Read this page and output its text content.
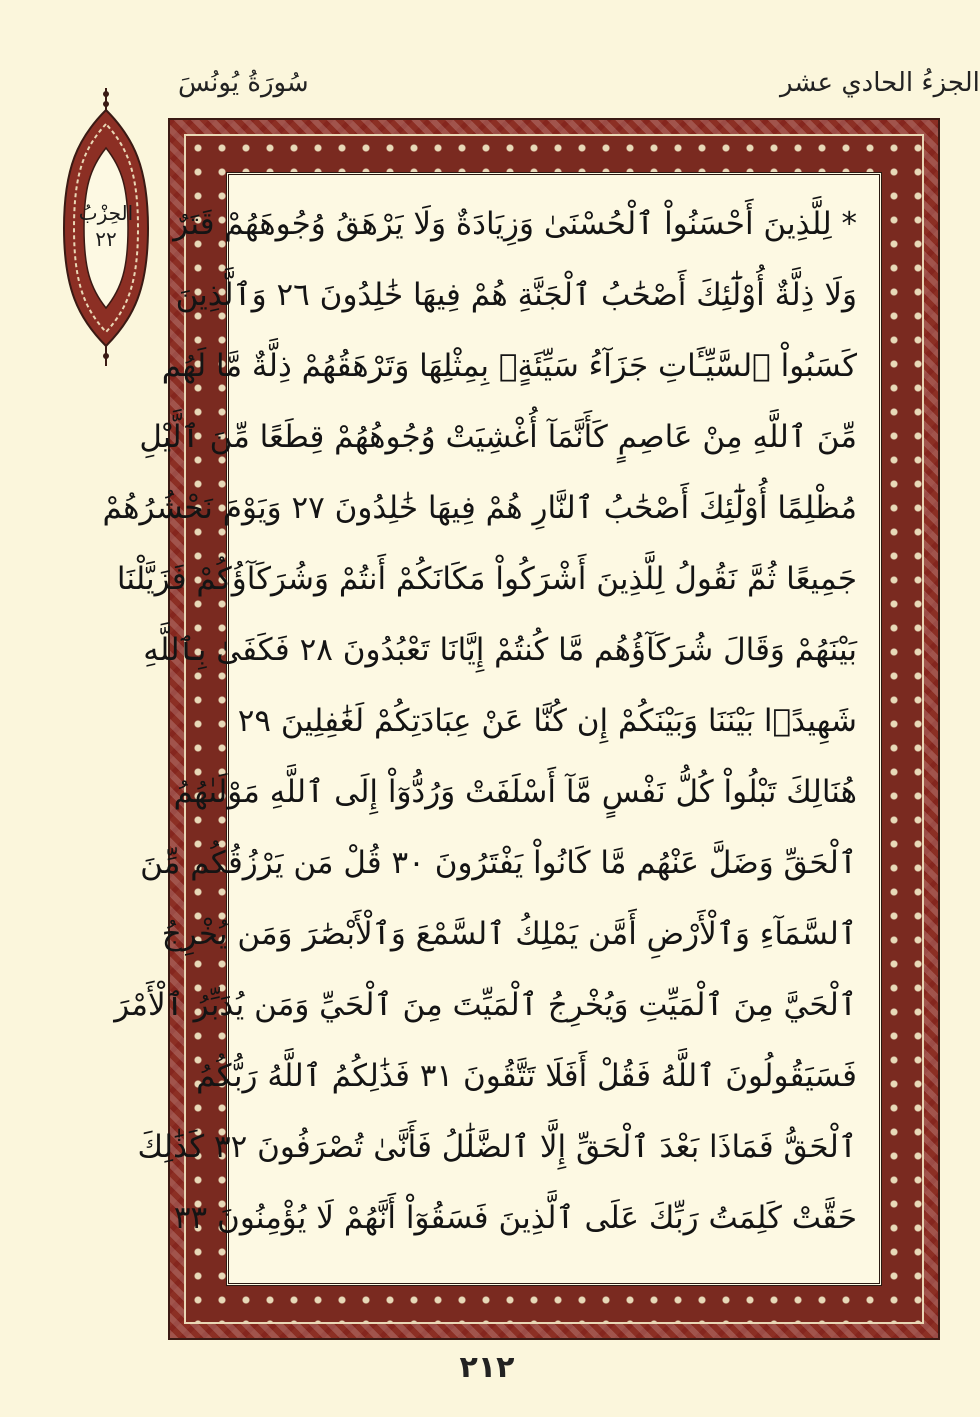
سُورَةُ يُونُسَ	الجزءُ الحادي عشر
الحِزْبُ
٢٢	* لِلَّذِينَ أَحْسَنُواْ ٱلْحُسْنَىٰ وَزِيَادَةٌ وَلَا يَرْهَقُ وُجُوهَهُمْ قَتَرٌ
وَلَا ذِلَّةٌ أُوْلَٰٓئِكَ أَصْحَٰبُ ٱلْجَنَّةِ هُمْ فِيهَا خَٰلِدُونَ ٢٦ وَٱلَّذِينَ
كَسَبُواْ ٱلسَّيِّـَٔاتِ جَزَآءُ سَيِّئَةٍۭ بِمِثْلِهَا وَتَرْهَقُهُمْ ذِلَّةٌ مَّا لَهُم
مِّنَ ٱللَّهِ مِنْ عَاصِمٍ كَأَنَّمَآ أُغْشِيَتْ وُجُوهُهُمْ قِطَعًا مِّنَ ٱلَّيْلِ
مُظْلِمًا أُوْلَٰٓئِكَ أَصْحَٰبُ ٱلنَّارِ هُمْ فِيهَا خَٰلِدُونَ ٢٧ وَيَوْمَ نَحْشُرُهُمْ
جَمِيعًا ثُمَّ نَقُولُ لِلَّذِينَ أَشْرَكُواْ مَكَانَكُمْ أَنتُمْ وَشُرَكَآؤُكُمْ فَزَيَّلْنَا
بَيْنَهُمْ وَقَالَ شُرَكَآؤُهُم مَّا كُنتُمْ إِيَّانَا تَعْبُدُونَ ٢٨ فَكَفَىٰ بِٱللَّهِ
شَهِيدًۢا بَيْنَنَا وَبَيْنَكُمْ إِن كُنَّا عَنْ عِبَادَتِكُمْ لَغَٰفِلِينَ ٢٩
هُنَالِكَ تَبْلُواْ كُلُّ نَفْسٍ مَّآ أَسْلَفَتْ وَرُدُّوٓاْ إِلَى ٱللَّهِ مَوْلَىٰهُمُ
ٱلْحَقِّ وَضَلَّ عَنْهُم مَّا كَانُواْ يَفْتَرُونَ ٣٠ قُلْ مَن يَرْزُقُكُم مِّنَ
ٱلسَّمَآءِ وَٱلْأَرْضِ أَمَّن يَمْلِكُ ٱلسَّمْعَ وَٱلْأَبْصَٰرَ وَمَن يُخْرِجُ
ٱلْحَيَّ مِنَ ٱلْمَيِّتِ وَيُخْرِجُ ٱلْمَيِّتَ مِنَ ٱلْحَيِّ وَمَن يُدَبِّرُ ٱلْأَمْرَ
فَسَيَقُولُونَ ٱللَّهُ فَقُلْ أَفَلَا تَتَّقُونَ ٣١ فَذَٰلِكُمُ ٱللَّهُ رَبُّكُمُ
ٱلْحَقُّ فَمَاذَا بَعْدَ ٱلْحَقِّ إِلَّا ٱلضَّلَٰلُ فَأَنَّىٰ تُصْرَفُونَ ٣٢ كَذَٰلِكَ
حَقَّتْ كَلِمَتُ رَبِّكَ عَلَى ٱلَّذِينَ فَسَقُوٓاْ أَنَّهُمْ لَا يُؤْمِنُونَ ٣٣
٢١٢
